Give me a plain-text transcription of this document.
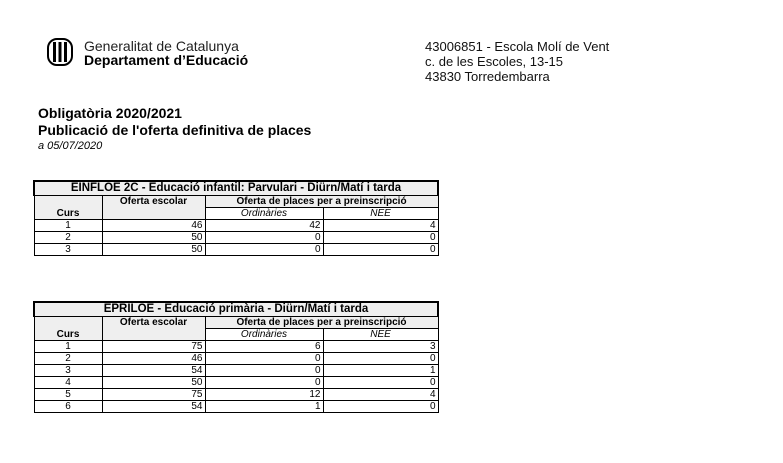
Generalitat de Catalunya
Departament d’Educació
43006851 - Escola Molí de Vent
c. de les Escoles, 13-15
43830 Torredembarra
Obligatòria 2020/2021
Publicació de l'oferta definitiva de places
a 05/07/2020
EINFLOE 2C - Educació infantil: Parvulari - Diürn/Matí i tarda			
Curs	Oferta escolar	Oferta de places per a preinscripció	
		Ordinàries	NEE
1	46	42	4
2	50	0	0
3	50	0	0
EPRILOE - Educació primària - Diürn/Matí i tarda			
Curs	Oferta escolar	Oferta de places per a preinscripció	
		Ordinàries	NEE
1	75	6	3
2	46	0	0
3	54	0	1
4	50	0	0
5	75	12	4
6	54	1	0
